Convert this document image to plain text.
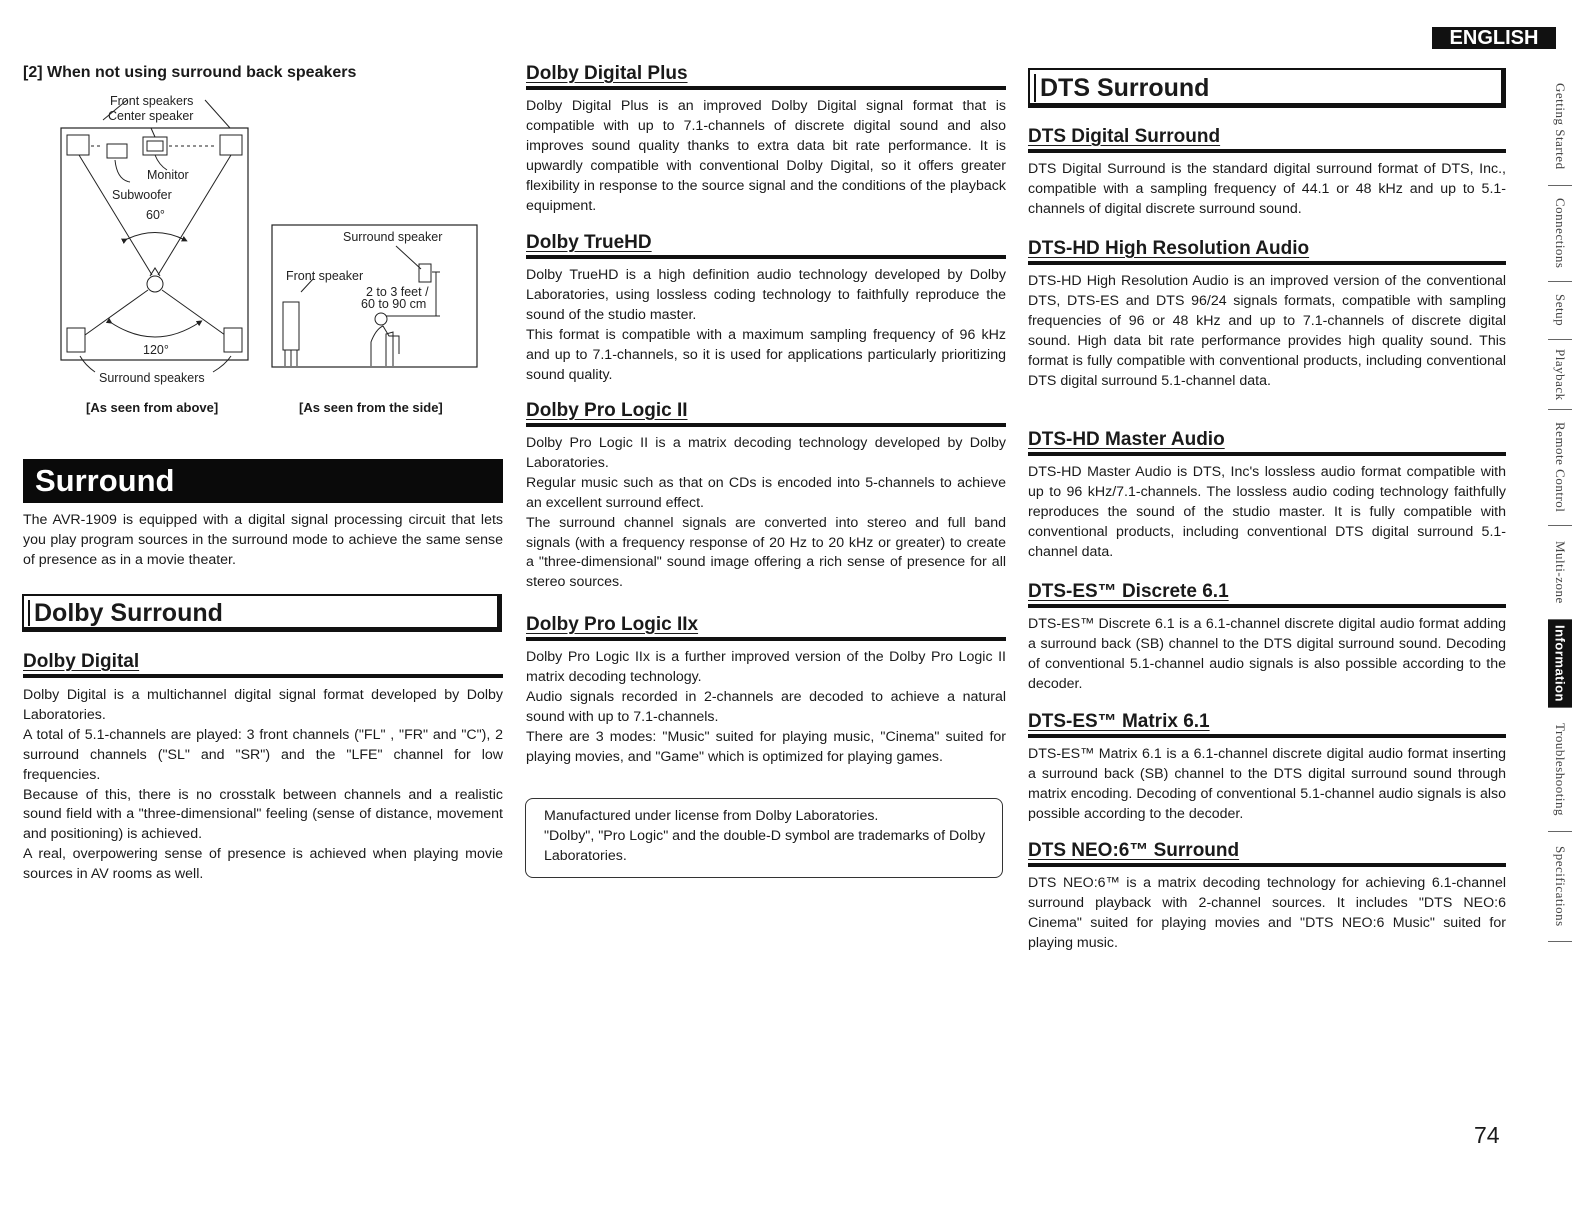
ENGLISH
Getting Started
Connections
Setup
Playback
Remote Control
Multi-zone
Information
Troubleshooting
Specifications
[2] When not using surround back speakers
Front speakers
Center speaker
Monitor
Subwoofer
60°
120°
Surround speakers
[As seen from above]
Surround speaker
Front speaker
2 to 3 feet /
60 to 90 cm
[As seen from the side]
Surround
The AVR-1909 is equipped with a digital signal processing circuit that lets you play program sources in the surround mode to achieve the same sense of presence as in a movie theater.
Dolby Surround
Dolby Digital

Dolby Digital is a multichannel digital signal format developed by Dolby Laboratories.

A total of 5.1-channels are played: 3 front channels ("FL" , "FR" and "C"), 2 surround channels ("SL" and "SR") and the "LFE" channel for low frequencies.

Because of this, there is no crosstalk between channels and a realistic sound field with a "three-dimensional" feeling (sense of distance, movement and positioning) is achieved.

A real, overpowering sense of presence is achieved when playing movie sources in AV rooms as well.

Dolby Digital Plus
Dolby Digital Plus is an improved Dolby Digital signal format that is compatible with up to 7.1-channels of discrete digital sound and also improves sound quality thanks to extra data bit rate performance. It is upwardly compatible with conventional Dolby Digital, so it offers greater flexibility in response to the source signal and the conditions of the playback equipment.
Dolby TrueHD

Dolby TrueHD is a high definition audio technology developed by Dolby Laboratories, using lossless coding technology to faithfully reproduce the sound of the studio master.

This format is compatible with a maximum sampling frequency of 96 kHz and up to 7.1-channels, so it is used for applications particularly prioritizing sound quality.

Dolby Pro Logic II

Dolby Pro Logic II is a matrix decoding technology developed by Dolby Laboratories.

Regular music such as that on CDs is encoded into 5-channels to achieve an excellent surround effect.

The surround channel signals are converted into stereo and full band signals (with a frequency response of 20 Hz to 20 kHz or greater) to create a "three-dimensional" sound image offering a rich sense of presence for all stereo sources.

Dolby Pro Logic IIx

Dolby Pro Logic IIx is a further improved version of the Dolby Pro Logic II matrix decoding technology.

Audio signals recorded in 2-channels are decoded to achieve a natural sound with up to 7.1-channels.

There are 3 modes: "Music" suited for playing music, "Cinema" suited for playing movies, and "Game" which is optimized for playing games.

Manufactured under license from Dolby Laboratories.
"Dolby", "Pro Logic" and the double-D symbol are trademarks of Dolby Laboratories.
DTS Surround
DTS Digital Surround
DTS Digital Surround is the standard digital surround format of DTS, Inc., compatible with a sampling frequency of 44.1 or 48 kHz and up to 5.1-channels of digital discrete surround sound.
DTS-HD High Resolution Audio
DTS-HD High Resolution Audio is an improved version of the conventional DTS, DTS-ES and DTS 96/24 signals formats, compatible with sampling frequencies of 96 or 48 kHz and up to 7.1-channels of discrete digital sound. High data bit rate performance provides high quality sound. This format is fully compatible with conventional products, including conventional DTS digital surround 5.1-channel data.
DTS-HD Master Audio
DTS-HD Master Audio is DTS, Inc's lossless audio format compatible with up to 96 kHz/7.1-channels. The lossless audio coding technology faithfully reproduces the sound of the studio master. It is fully compatible with conventional products, including conventional DTS digital surround 5.1-channel data.
DTS-ES™ Discrete 6.1
DTS-ES™ Discrete 6.1 is a 6.1-channel discrete digital audio format adding a surround back (SB) channel to the DTS digital surround sound. Decoding of conventional 5.1-channel audio signals is also possible according to the decoder.
DTS-ES™ Matrix 6.1
DTS-ES™ Matrix 6.1 is a 6.1-channel discrete digital audio format inserting a surround back (SB) channel to the DTS digital surround sound through matrix encoding. Decoding of conventional 5.1-channel audio signals is also possible according to the decoder.
DTS NEO:6™ Surround
DTS NEO:6™ is a matrix decoding technology for achieving 6.1-channel surround playback with 2-channel sources. It includes "DTS NEO:6 Cinema" suited for playing movies and "DTS NEO:6 Music" suited for playing music.
74
